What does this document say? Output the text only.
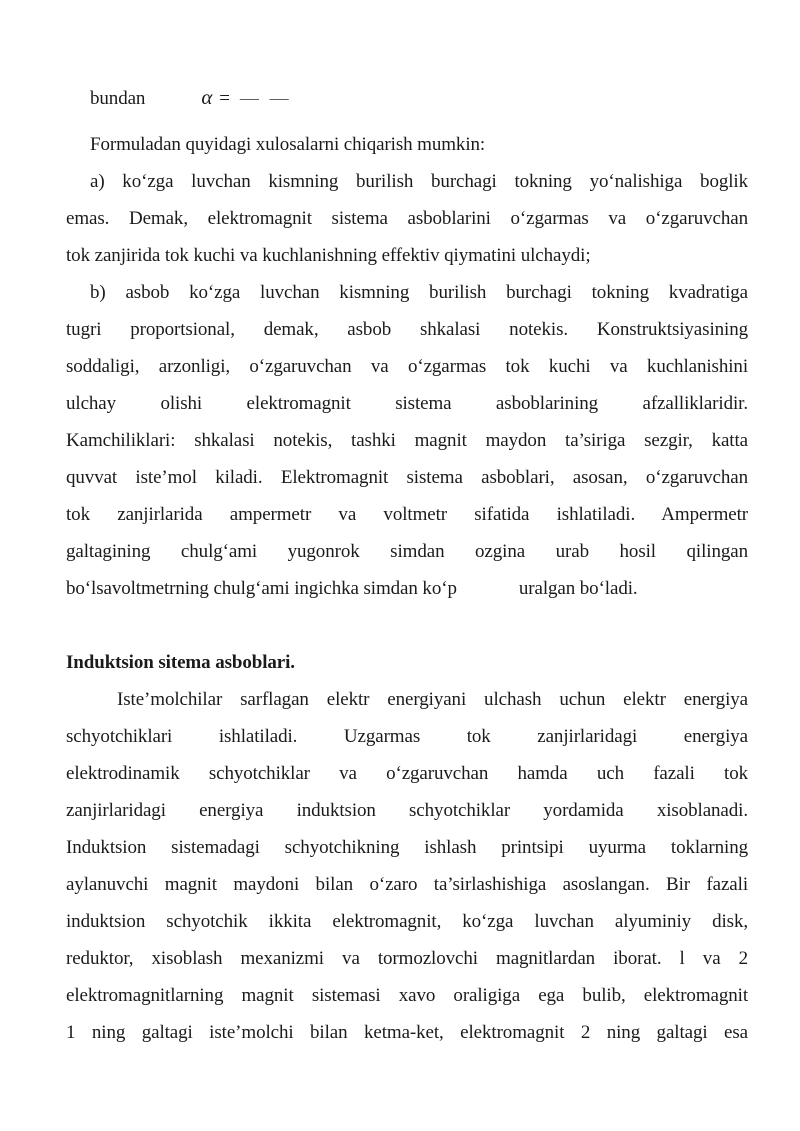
bundan	α = — —
Formuladan quyidagi xulosalarni chiqarish mumkin:
a) ko‘zga luvchan kismning burilish burchagi tokning yo‘nalishiga boglik
emas. Demak, elektromagnit sistema asboblarini o‘zgarmas va o‘zgaruvchan
tok zanjirida tok kuchi va kuchlanishning effektiv qiymatini ulchaydi;
b) asbob ko‘zga luvchan kismning burilish burchagi tokning kvadratiga
tugri proportsional, demak, asbob shkalasi notekis. Konstruktsiyasining
soddaligi, arzonligi, o‘zgaruvchan va o‘zgarmas tok kuchi va kuchlanishini
ulchay olishi elektromagnit sistema asboblarining afzalliklaridir.
Kamchiliklari: shkalasi notekis, tashki magnit maydon ta’siriga sezgir, katta
quvvat iste’mol kiladi. Elektromagnit sistema asboblari, asosan, o‘zgaruvchan
tok zanjirlarida ampermetr va voltmetr sifatida ishlatiladi. Ampermetr
galtagining chulg‘ami yugonrok simdan ozgina urab hosil qilingan
bo‘lsavoltmetrning chulg‘ami ingichka simdan ko‘p	uralgan bo‘ladi.
Induktsion sitema asboblari.
Iste’molchilar sarflagan elektr energiyani ulchash uchun elektr energiya
schyotchiklari ishlatiladi. Uzgarmas tok zanjirlaridagi energiya
elektrodinamik schyotchiklar va o‘zgaruvchan hamda uch fazali tok
zanjirlaridagi energiya induktsion schyotchiklar yordamida xisoblanadi.
Induktsion sistemadagi schyotchikning ishlash printsipi uyurma toklarning
aylanuvchi magnit maydoni bilan o‘zaro ta’sirlashishiga asoslangan. Bir fazali
induktsion schyotchik ikkita elektromagnit, ko‘zga luvchan alyuminiy disk,
reduktor, xisoblash mexanizmi va tormozlovchi magnitlardan iborat. l va 2
elektromagnitlarning magnit sistemasi xavo oraligiga ega bulib, elektromagnit
1 ning galtagi iste’molchi bilan ketma-ket, elektromagnit 2 ning galtagi esa
